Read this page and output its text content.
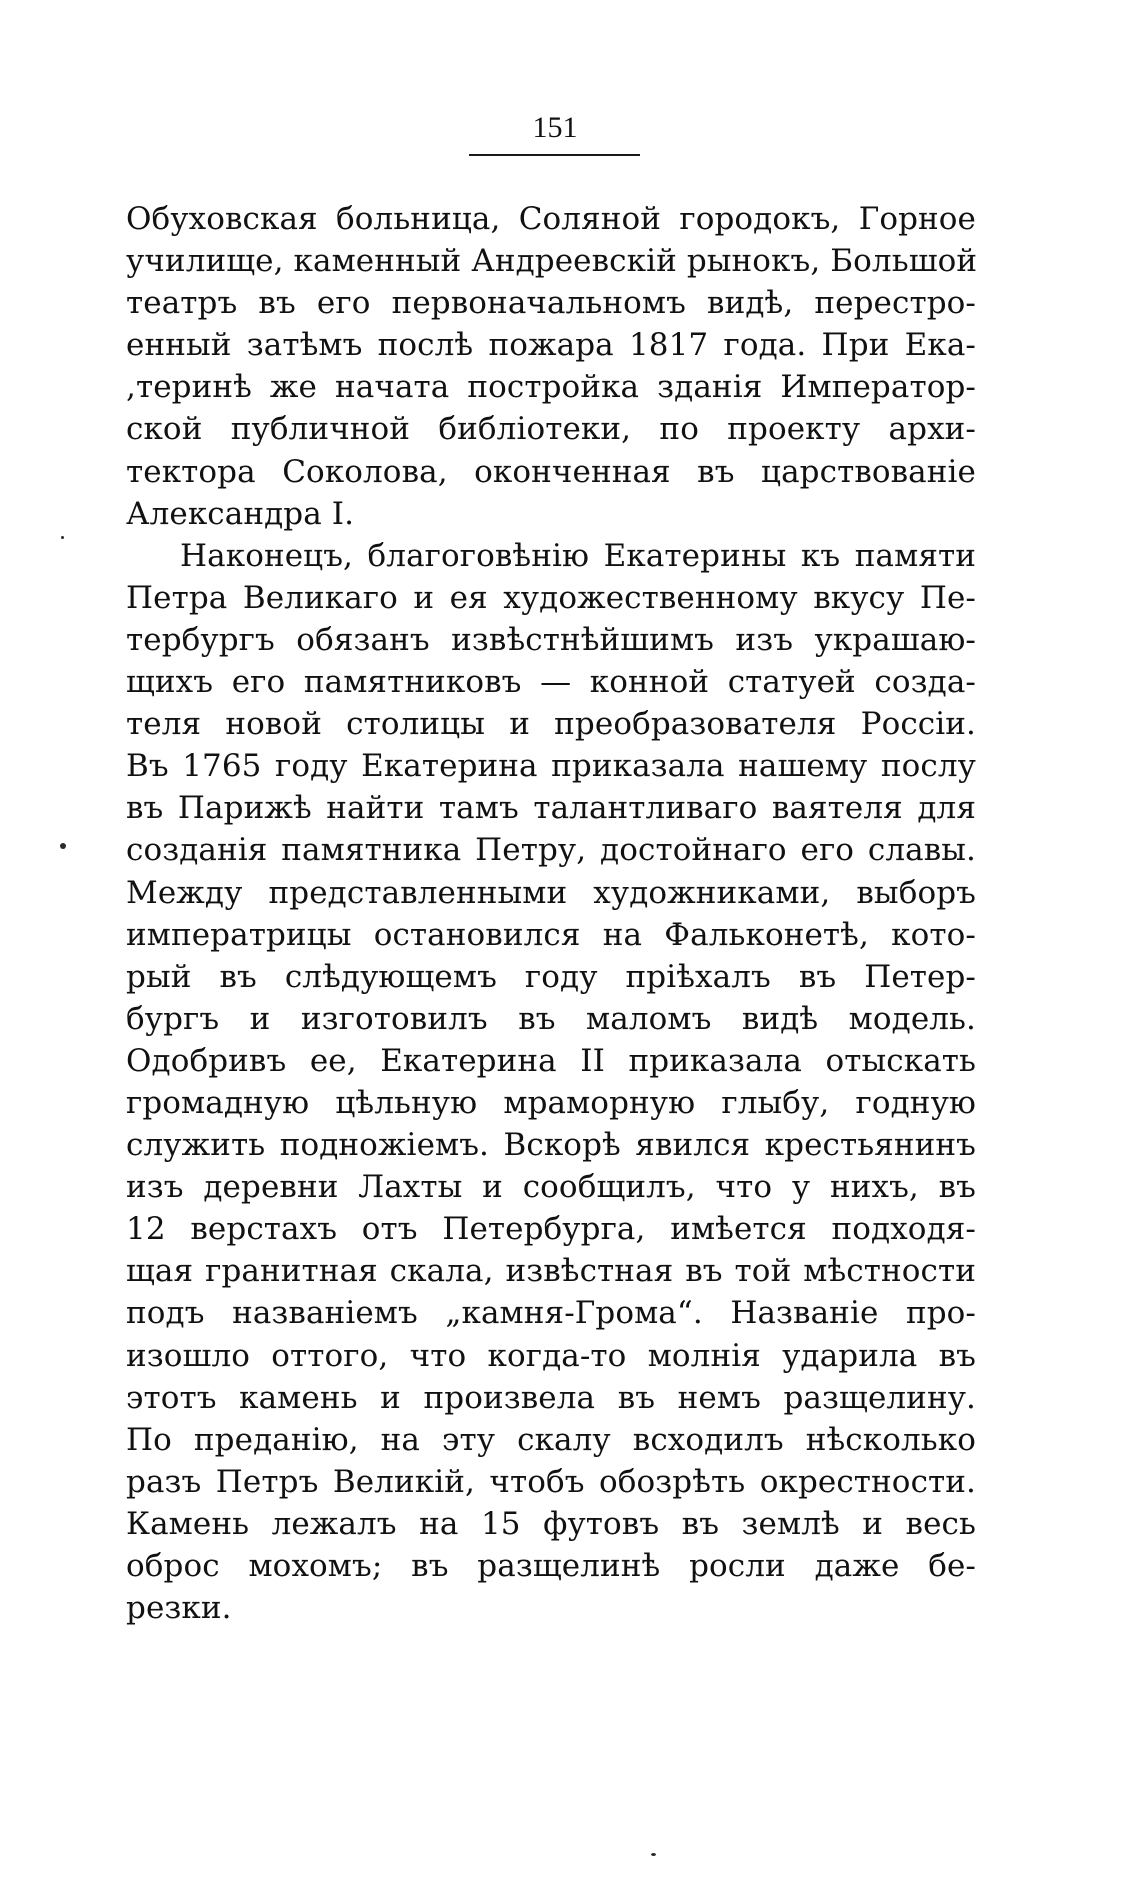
151
Обуховская больница, Соляной городокъ, Горное
училище, каменный Андреевскій рынокъ, Большой
театръ въ его первоначальномъ видѣ, перестро-
енный затѣмъ послѣ пожара 1817 года. При Ека-
,теринѣ же начата постройка зданія Император-
ской публичной библіотеки, по проекту архи-
тектора Соколова, оконченная въ царствованіе
Александра I.
Наконецъ, благоговѣнію Екатерины къ памяти
Петра Великаго и ея художественному вкусу Пе-
тербургъ обязанъ извѣстнѣйшимъ изъ украшаю-
щихъ его памятниковъ — конной статуей созда-
теля новой столицы и преобразователя Россіи.
Въ 1765 году Екатерина приказала нашему послу
въ Парижѣ найти тамъ талантливаго ваятеля для
созданія памятника Петру, достойнаго его славы.
Между представленными художниками, выборъ
императрицы остановился на Фальконетѣ, кото-
рый въ слѣдующемъ году пріѣхалъ въ Петер-
бургъ и изготовилъ въ маломъ видѣ модель.
Одобривъ ее, Екатерина II приказала отыскать
громадную цѣльную мраморную глыбу, годную
служить подножіемъ. Вскорѣ явился крестьянинъ
изъ деревни Лахты и сообщилъ, что у нихъ, въ
12 верстахъ отъ Петербурга, имѣется подходя-
щая гранитная скала, извѣстная въ той мѣстности
подъ названіемъ „камня-Грома“. Названіе про-
изошло оттого, что когда-то молнія ударила въ
этотъ камень и произвела въ немъ разщелину.
По преданію, на эту скалу всходилъ нѣсколько
разъ Петръ Великій, чтобъ обозрѣть окрестности.
Камень лежалъ на 15 футовъ въ землѣ и весь
оброс мохомъ; въ разщелинѣ росли даже бе-
резки.
